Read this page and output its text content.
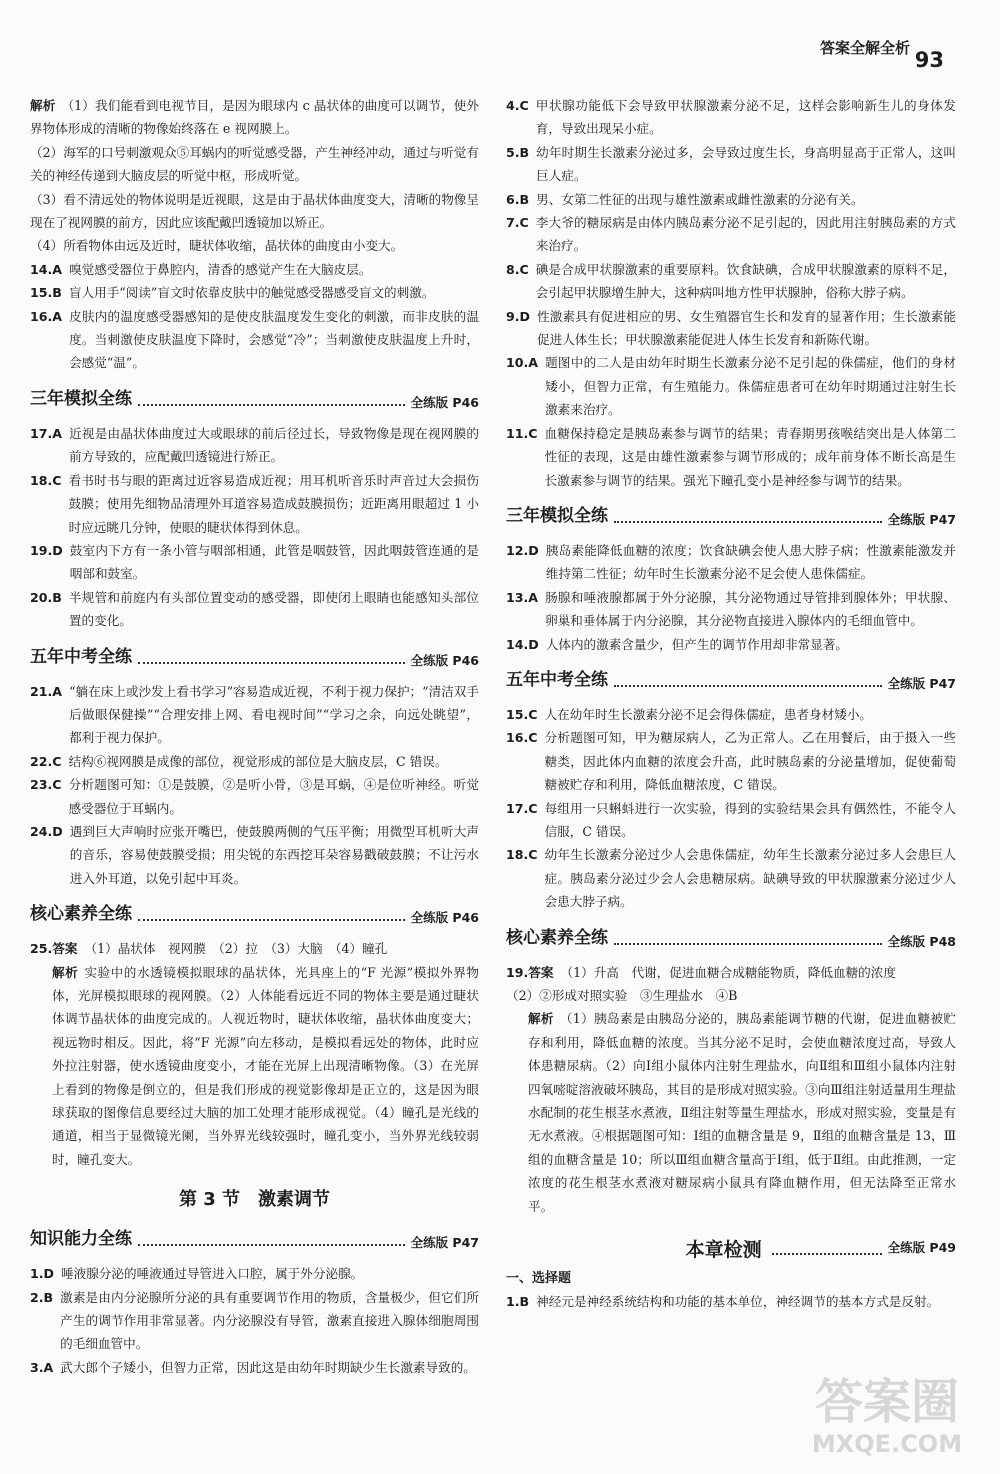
答案全解全析 93
解析 （1）我们能看到电视节目，是因为眼球内 c 晶状体的曲度可以调节，使外界物体形成的清晰的物像始终落在 e 视网膜上。
（2）海军的口号刺激观众⑤耳蜗内的听觉感受器，产生神经冲动，通过与听觉有关的神经传递到大脑皮层的听觉中枢，形成听觉。
（3）看不清远处的物体说明是近视眼，这是由于晶状体曲度变大，清晰的物像呈现在了视网膜的前方，因此应该配戴凹透镜加以矫正。
（4）所看物体由远及近时，睫状体收缩，晶状体的曲度由小变大。
14.A 嗅觉感受器位于鼻腔内，清香的感觉产生在大脑皮层。
15.B 盲人用手“阅读”盲文时依靠皮肤中的触觉感受器感受盲文的刺激。
16.A 皮肤内的温度感受器感知的是使皮肤温度发生变化的刺激，而非皮肤的温度。当刺激使皮肤温度下降时，会感觉“冷”；当刺激使皮肤温度上升时，会感觉“温”。
三年模拟全练	全练版 P46
17.A 近视是由晶状体曲度过大或眼球的前后径过长，导致物像是现在视网膜的前方导致的，应配戴凹透镜进行矫正。
18.C 看书时书与眼的距离过近容易造成近视；用耳机听音乐时声音过大会损伤鼓膜；使用先细物品清理外耳道容易造成鼓膜损伤；近距离用眼超过 1 小时应远眺几分钟，使眼的睫状体得到休息。
19.D 鼓室内下方有一条小管与咽部相通，此管是咽鼓管，因此咽鼓管连通的是咽部和鼓室。
20.B 半规管和前庭内有头部位置变动的感受器，即使闭上眼睛也能感知头部位置的变化。
五年中考全练	全练版 P46
21.A “躺在床上或沙发上看书学习”容易造成近视，不利于视力保护；“清洁双手后做眼保健操”“合理安排上网、看电视时间”“学习之余，向远处眺望”，都利于视力保护。
22.C 结构⑥视网膜是成像的部位，视觉形成的部位是大脑皮层，C 错误。
23.C 分析题图可知：①是鼓膜，②是听小骨，③是耳蜗，④是位听神经。听觉感受器位于耳蜗内。
24.D 遇到巨大声响时应张开嘴巴，使鼓膜两侧的气压平衡；用微型耳机听大声的音乐，容易使鼓膜受损；用尖锐的东西挖耳朵容易戳破鼓膜；不让污水进入外耳道，以免引起中耳炎。
核心素养全练	全练版 P46
25.答案 （1）晶状体　视网膜　（2）拉　（3）大脑　（4）瞳孔
解析 实验中的水透镜模拟眼球的晶状体，光具座上的“F 光源”模拟外界物体，光屏模拟眼球的视网膜。（2）人体能看远近不同的物体主要是通过睫状体调节晶状体的曲度完成的。人视近物时，睫状体收缩，晶状体曲度变大；视远物时相反。因此，将“F 光源”向左移动，是模拟看远处的物体，此时应外拉注射器，使水透镜曲度变小，才能在光屏上出现清晰物像。（3）在光屏上看到的物像是倒立的，但是我们形成的视觉影像却是正立的，这是因为眼球获取的图像信息要经过大脑的加工处理才能形成视觉。（4）瞳孔是光线的通道，相当于显微镜光阑，当外界光线较强时，瞳孔变小，当外界光线较弱时，瞳孔变大。
第 3 节　激素调节
知识能力全练	全练版 P47
1.D 唾液腺分泌的唾液通过导管进入口腔，属于外分泌腺。
2.B 激素是由内分泌腺所分泌的具有重要调节作用的物质，含量极少，但它们所产生的调节作用非常显著。内分泌腺没有导管，激素直接进入腺体细胞周围的毛细血管中。
3.A 武大郎个子矮小，但智力正常，因此这是由幼年时期缺少生长激素导致的。
4.C 甲状腺功能低下会导致甲状腺激素分泌不足，这样会影响新生儿的身体发育，导致出现呆小症。
5.B 幼年时期生长激素分泌过多，会导致过度生长，身高明显高于正常人，这叫巨人症。
6.B 男、女第二性征的出现与雄性激素或雌性激素的分泌有关。
7.C 李大爷的糖尿病是由体内胰岛素分泌不足引起的，因此用注射胰岛素的方式来治疗。
8.C 碘是合成甲状腺激素的重要原料。饮食缺碘，合成甲状腺激素的原料不足，会引起甲状腺增生肿大，这种病叫地方性甲状腺肿，俗称大脖子病。
9.D 性激素具有促进相应的男、女生殖器官生长和发育的显著作用；生长激素能促进人体生长；甲状腺激素能促进人体生长发育和新陈代谢。
10.A 题图中的二人是由幼年时期生长激素分泌不足引起的侏儒症，他们的身材矮小，但智力正常，有生殖能力。侏儒症患者可在幼年时期通过注射生长激素来治疗。
11.C 血糖保持稳定是胰岛素参与调节的结果；青春期男孩喉结突出是人体第二性征的表现，这是由雄性激素参与调节形成的；成年前身体不断长高是生长激素参与调节的结果。强光下瞳孔变小是神经参与调节的结果。
三年模拟全练	全练版 P47
12.D 胰岛素能降低血糖的浓度；饮食缺碘会使人患大脖子病；性激素能激发并维持第二性征；幼年时生长激素分泌不足会使人患侏儒症。
13.A 肠腺和唾液腺都属于外分泌腺，其分泌物通过导管排到腺体外；甲状腺、卵巢和垂体属于内分泌腺，其分泌物直接进入腺体内的毛细血管中。
14.D 人体内的激素含量少，但产生的调节作用却非常显著。
五年中考全练	全练版 P47
15.C 人在幼年时生长激素分泌不足会得侏儒症，患者身材矮小。
16.C 分析题图可知，甲为糖尿病人，乙为正常人。乙在用餐后，由于摄入一些糖类，因此体内血糖的浓度会升高，此时胰岛素的分泌量增加，促使葡萄糖被贮存和利用，降低血糖浓度，C 错误。
17.C 每组用一只蝌蚪进行一次实验，得到的实验结果会具有偶然性，不能令人信服，C 错误。
18.C 幼年生长激素分泌过少人会患侏儒症，幼年生长激素分泌过多人会患巨人症。胰岛素分泌过少会人会患糖尿病。缺碘导致的甲状腺激素分泌过少人会患大脖子病。
核心素养全练	全练版 P48
19.答案 （1）升高　代谢，促进血糖合成糖能物质，降低血糖的浓度
（2）②形成对照实验　③生理盐水　④B
解析 （1）胰岛素是由胰岛分泌的，胰岛素能调节糖的代谢，促进血糖被贮存和利用，降低血糖的浓度。当其分泌不足时，会使血糖浓度过高，导致人体患糖尿病。（2）向Ⅰ组小鼠体内注射生理盐水，向Ⅱ组和Ⅲ组小鼠体内注射四氧嘧啶溶液破坏胰岛，其目的是形成对照实验。③向Ⅲ组注射适量用生理盐水配制的花生根茎水煮液，Ⅱ组注射等量生理盐水，形成对照实验，变量是有无水煮液。④根据题图可知：Ⅰ组的血糖含量是 9，Ⅱ组的血糖含量是 13，Ⅲ组的血糖含量是 10；所以Ⅲ组血糖含量高于Ⅰ组，低于Ⅱ组。由此推测，一定浓度的花生根茎水煮液对糖尿病小鼠具有降血糖作用，但无法降至正常水平。
本章检测	全练版 P49
一、选择题
1.B 神经元是神经系统结构和功能的基本单位，神经调节的基本方式是反射。
答案圈
MXQE.COM
